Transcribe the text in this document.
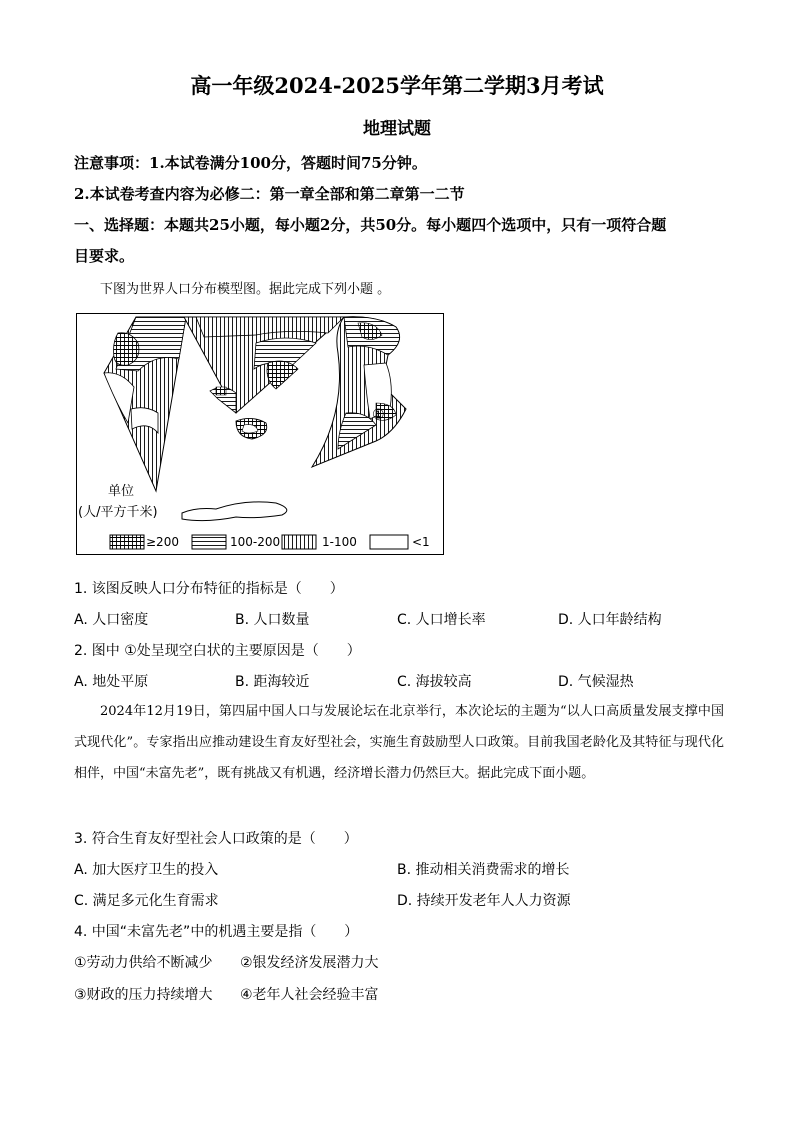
高一年级2024-2025学年第二学期3月考试
地理试题
注意事项：1.本试卷满分100分，答题时间75分钟。
2.本试卷考查内容为必修二：第一章全部和第二章第一二节
一、选择题：本题共25小题，每小题2分，共50分。每小题四个选项中，只有一项符合题
目要求。
下图为世界人口分布模型图。据此完成下列小题 。
①
单位
(人/平方千米)
≥200	100-200	1-100	<1
1. 该图反映人口分布特征的指标是（　　）
A. 人口密度	B. 人口数量	C. 人口增长率	D. 人口年龄结构
2. 图中 ①处呈现空白状的主要原因是（　　）
A. 地处平原	B. 距海较近	C. 海拔较高	D. 气候湿热
2024年12月19日，第四届中国人口与发展论坛在北京举行，本次论坛的主题为“以人口高质量发展支撑中国式现代化”。专家指出应推动建设生育友好型社会，实施生育鼓励型人口政策。目前我国老龄化及其特征与现代化相伴，中国“未富先老”，既有挑战又有机遇，经济增长潜力仍然巨大。据此完成下面小题。
3. 符合生育友好型社会人口政策的是（　　）
A. 加大医疗卫生的投入	B. 推动相关消费需求的增长
C. 满足多元化生育需求	D. 持续开发老年人人力资源
4. 中国“未富先老”中的机遇主要是指（　　）
①劳动力供给不断减少 ②银发经济发展潜力大
③财政的压力持续增大 ④老年人社会经验丰富
